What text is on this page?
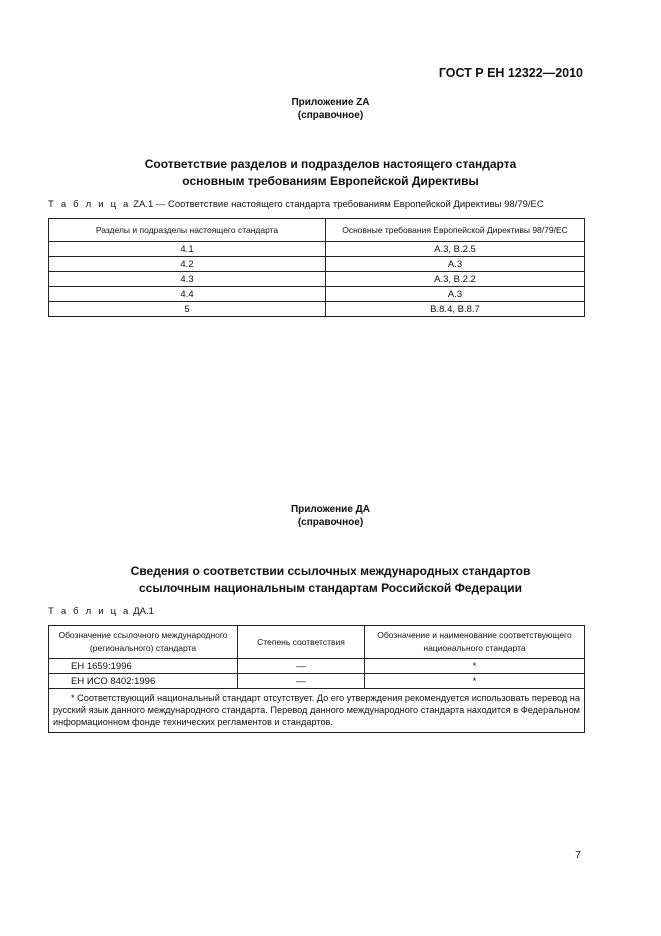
ГОСТ Р ЕН 12322—2010
Приложение ZA
(справочное)
Соответствие разделов и подразделов настоящего стандарта
основным требованиям Европейской Директивы
Т а б л и ц а ZA.1 — Соответствие настоящего стандарта требованиям Европейской Директивы 98/79/ЕС
Разделы и подразделы настоящего стандарта	Основные требования Европейской Директивы 98/79/ЕС
4.1	A.3, B.2.5
4.2	A.3
4.3	A.3, B.2.2
4.4	A.3
5	B.8.4, B.8.7
Приложение ДА
(справочное)
Сведения о соответствии ссылочных международных стандартов
ссылочным национальным стандартам Российской Федерации
Т а б л и ц а ДА.1
Обозначение ссылочного международного (регионального) стандарта	Степень соответствия	Обозначение и наименование соответствующего национального стандарта
ЕН 1659:1996	—	*
ЕН ИСО 8402:1996	—	*
* Соответствующий национальный стандарт отсутствует. До его утверждения рекомендуется использовать перевод на русский язык данного международного стандарта. Перевод данного международного стандарта находится в Федеральном информационном фонде технических регламентов и стандартов.		
7
